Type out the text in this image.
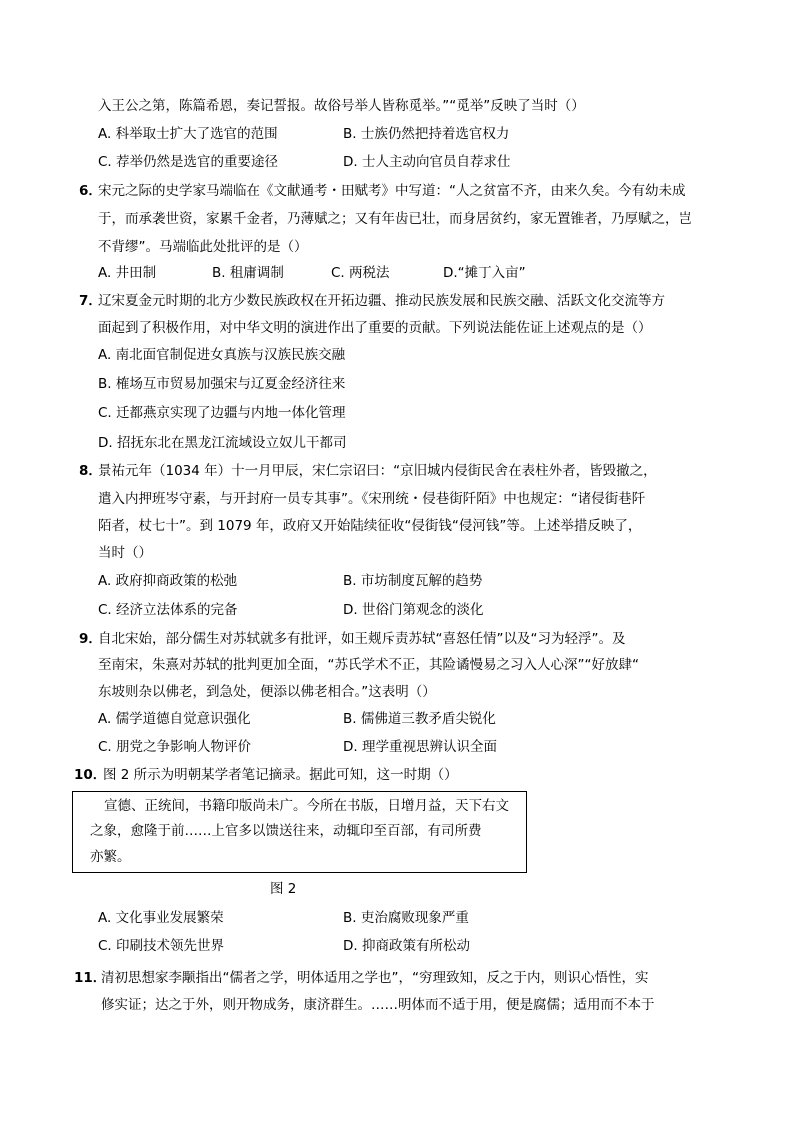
入王公之第，陈篇希恩，奏记誓报。故俗号举人皆称觅举。”“觅举”反映了当时（）
A. 科举取士扩大了选官的范围	B. 士族仍然把持着选官权力
C. 荐举仍然是选官的重要途径	D. 士人主动向官员自荐求仕
6．
宋元之际的史学家马端临在《文献通考・田赋考》中写道：“人之贫富不齐，由来久矣。今有幼未成
于，而承袭世资，家累千金者，乃薄赋之；又有年齿已壮，而身居贫约，家无置锥者，乃厚赋之，岂
不背缪”。马端临此处批评的是（）
A. 井田制	B. 租庸调制	C. 两税法	D.“摊丁入亩”
7．
辽宋夏金元时期的北方少数民族政权在开拓边疆、推动民族发展和民族交融、活跃文化交流等方
面起到了积极作用，对中华文明的演进作出了重要的贡献。下列说法能佐证上述观点的是（）
A. 南北面官制促进女真族与汉族民族交融
B. 榷场互市贸易加强宋与辽夏金经济往来
C. 迁都燕京实现了边疆与内地一体化管理
D. 招抚东北在黑龙江流域设立奴儿干都司
8．
景祐元年（1034 年）十一月甲辰，宋仁宗诏曰：“京旧城内侵街民舍在表柱外者，皆毁撤之，
遣入内押班岑守素，与开封府一员专其事”。《宋刑统・侵巷街阡陌》中也规定：“诸侵街巷阡
陌者，杖七十”。到 1079 年，政府又开始陆续征收“侵街钱“侵河钱”等。上述举措反映了，
当时（）
A. 政府抑商政策的松弛	B. 市坊制度瓦解的趋势
C. 经济立法体系的完备	D. 世俗门第观念的淡化
9．
自北宋始，部分儒生对苏轼就多有批评，如王觌斥责苏轼“喜怒任情”以及“习为轻浮”。及
至南宋，朱熹对苏轼的批判更加全面，“苏氏学术不正，其险谲慢易之习入人心深”“好放肆“
东坡则杂以佛老，到急处，便添以佛老相合。”这表明（）
A. 儒学道德自觉意识强化	B. 儒佛道三教矛盾尖锐化
C. 朋党之争影响人物评价	D. 理学重视思辨认识全面
10．
图 2 所示为明朝某学者笔记摘录。据此可知，这一时期（）
宣德、正统间，书籍印版尚未广。今所在书版，日增月益，天下右文
之象，愈隆于前……上官多以馈送往来，动辄印至百部，有司所费
亦繁。
图 2
A. 文化事业发展繁荣	B. 吏治腐败现象严重
C. 印刷技术领先世界	D. 抑商政策有所松动
11．
清初思想家李颙指出“儒者之学，明体适用之学也”，“穷理致知，反之于内，则识心悟性，实
修实证；达之于外，则开物成务，康济群生。……明体而不适于用，便是腐儒；适用而不本于
